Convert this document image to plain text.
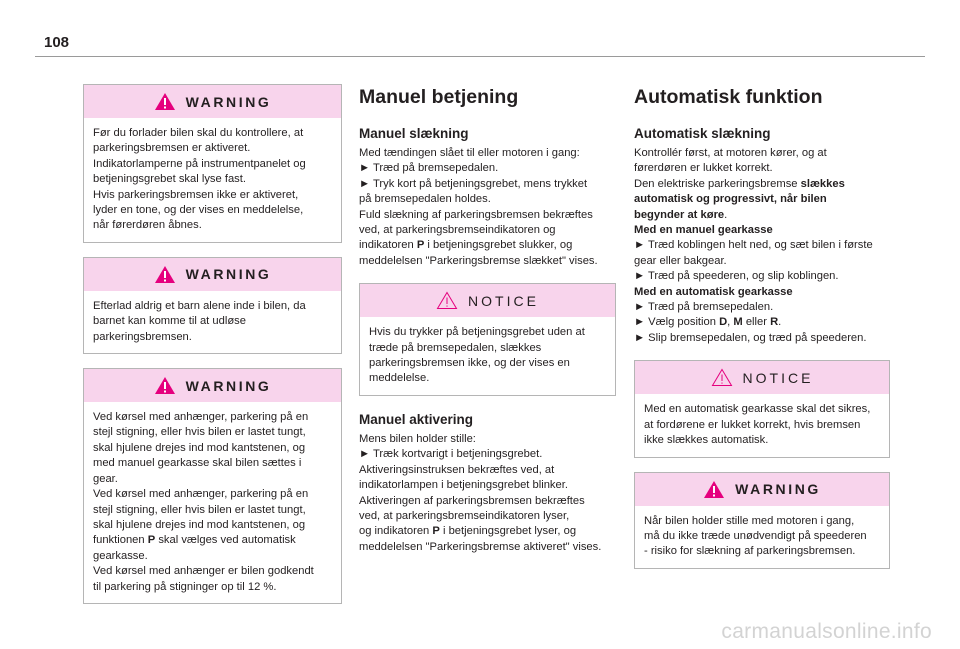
108
WARNING
Før du forlader bilen skal du kontrollere, at
parkeringsbremsen er aktiveret.
Indikatorlamperne på instrumentpanelet og
betjeningsgrebet skal lyse fast.
Hvis parkeringsbremsen ikke er aktiveret,
lyder en tone, og der vises en meddelelse,
når førerdøren åbnes.
WARNING
Efterlad aldrig et barn alene inde i bilen, da
barnet kan komme til at udløse
parkeringsbremsen.
WARNING
Ved kørsel med anhænger, parkering på en
stejl stigning, eller hvis bilen er lastet tungt,
skal hjulene drejes ind mod kantstenen, og
med manuel gearkasse skal bilen sættes i
gear.
Ved kørsel med anhænger, parkering på en
stejl stigning, eller hvis bilen er lastet tungt,
skal hjulene drejes ind mod kantstenen, og
funktionen P skal vælges ved automatisk
gearkasse.
Ved kørsel med anhænger er bilen godkendt
til parkering på stigninger op til 12 %.
Manuel betjening
Manuel slækning
Med tændingen slået til eller motoren i gang:
► Træd på bremsepedalen.
► Tryk kort på betjeningsgrebet, mens trykket
på bremsepedalen holdes.
Fuld slækning af parkeringsbremsen bekræftes
ved, at parkeringsbremseindikatoren og
indikatoren P i betjeningsgrebet slukker, og
meddelelsen "Parkeringsbremse slækket" vises.
NOTICE
Hvis du trykker på betjeningsgrebet uden at
træde på bremsepedalen, slækkes
parkeringsbremsen ikke, og der vises en
meddelelse.
Manuel aktivering
Mens bilen holder stille:
► Træk kortvarigt i betjeningsgrebet.
Aktiveringsinstruksen bekræftes ved, at
indikatorlampen i betjeningsgrebet blinker.
Aktiveringen af parkeringsbremsen bekræftes
ved, at parkeringsbremseindikatoren lyser,
og indikatoren P i betjeningsgrebet lyser, og
meddelelsen "Parkeringsbremse aktiveret" vises.
Automatisk funktion
Automatisk slækning
Kontrollér først, at motoren kører, og at
førerdøren er lukket korrekt.
Den elektriske parkeringsbremse slækkes
automatisk og progressivt, når bilen
begynder at køre.
Med en manuel gearkasse
► Træd koblingen helt ned, og sæt bilen i første
gear eller bakgear.
► Træd på speederen, og slip koblingen.
Med en automatisk gearkasse
► Træd på bremsepedalen.
► Vælg position D, M eller R.
► Slip bremsepedalen, og træd på speederen.
NOTICE
Med en automatisk gearkasse skal det sikres,
at fordørene er lukket korrekt, hvis bremsen
ikke slækkes automatisk.
WARNING
Når bilen holder stille med motoren i gang,
må du ikke træde unødvendigt på speederen
- risiko for slækning af parkeringsbremsen.
carmanualsonline.info
